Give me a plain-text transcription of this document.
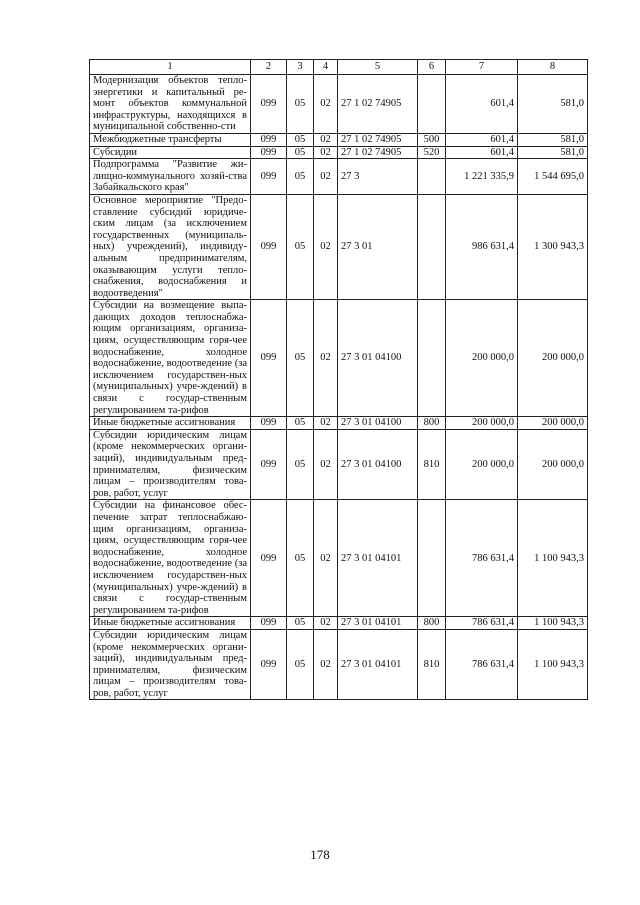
1	2	3	4	5	6	7	8
Модернизация объектов тепло-энергетики и капитальный ре-монт объектов коммунальной инфраструктуры, находящихся в муниципальной собственно-сти	099	05	02	27 1 02 74905		601,4	581,0
Межбюджетные трансферты	099	05	02	27 1 02 74905	500	601,4	581,0
Субсидии	099	05	02	27 1 02 74905	520	601,4	581,0
Подпрограмма "Развитие жи-лищно-коммунального хозяй-ства Забайкальского края"	099	05	02	27 3		1 221 335,9	1 544 695,0
Основное мероприятие "Предо-ставление субсидий юридиче-ским лицам (за исключением государственных (муниципаль-ных) учреждений), индивиду-альным предпринимателям, оказывающим услуги тепло-снабжения, водоснабжения и водоотведения"	099	05	02	27 3 01		986 631,4	1 300 943,3
Субсидии на возмещение выпа-дающих доходов теплоснабжа-ющим организациям, организа-циям, осуществляющим горя-чее водоснабжение, холодное водоснабжение, водоотведение (за исключением государствен-ных (муниципальных) учре-ждений) в связи с государ-ственным регулированием та-рифов	099	05	02	27 3 01 04100		200 000,0	200 000,0
Иные бюджетные ассигнования	099	05	02	27 3 01 04100	800	200 000,0	200 000,0
Субсидии юридическим лицам (кроме некоммерческих органи-заций), индивидуальным пред-принимателям, физическим лицам – производителям това-ров, работ, услуг	099	05	02	27 3 01 04100	810	200 000,0	200 000,0
Субсидии на финансовое обес-печение затрат теплоснабжаю-щим организациям, организа-циям, осуществляющим горя-чее водоснабжение, холодное водоснабжение, водоотведение (за исключением государствен-ных (муниципальных) учре-ждений) в связи с государ-ственным регулированием та-рифов	099	05	02	27 3 01 04101		786 631,4	1 100 943,3
Иные бюджетные ассигнования	099	05	02	27 3 01 04101	800	786 631,4	1 100 943,3
Субсидии юридическим лицам (кроме некоммерческих органи-заций), индивидуальным пред-принимателям, физическим лицам – производителям това-ров, работ, услуг	099	05	02	27 3 01 04101	810	786 631,4	1 100 943,3
178
